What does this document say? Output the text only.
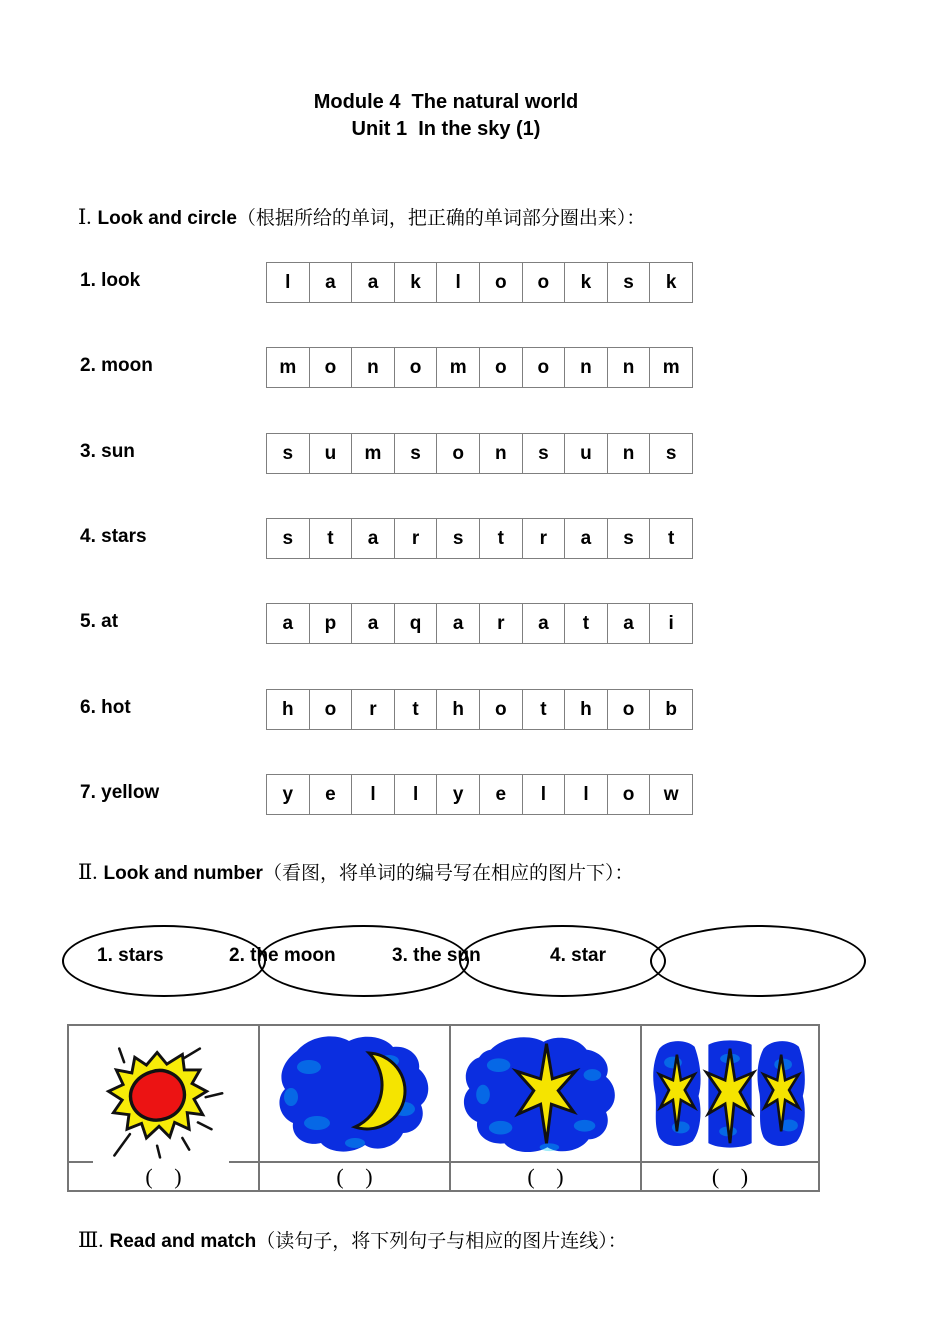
Module 4  The natural world
Unit 1  In the sky (1)
Ⅰ. Look and circle（根据所给的单词，把正确的单词部分圈出来）：
1. look	l	a	a	k	l	o	o	k	s	k
2. moon	m	o	n	o	m	o	o	n	n	m
3. sun	s	u	m	s	o	n	s	u	n	s
4. stars	s	t	a	r	s	t	r	a	s	t
5. at	a	p	a	q	a	r	a	t	a	i
6. hot	h	o	r	t	h	o	t	h	o	b
7. yellow	y	e	l	l	y	e	l	l	o	w
Ⅱ. Look and number（看图，将单词的编号写在相应的图片下）：
1. stars	2. the moon	3. the sun	4. star
( )	( )	( )	( )
Ⅲ. Read and match（读句子，将下列句子与相应的图片连线）：
